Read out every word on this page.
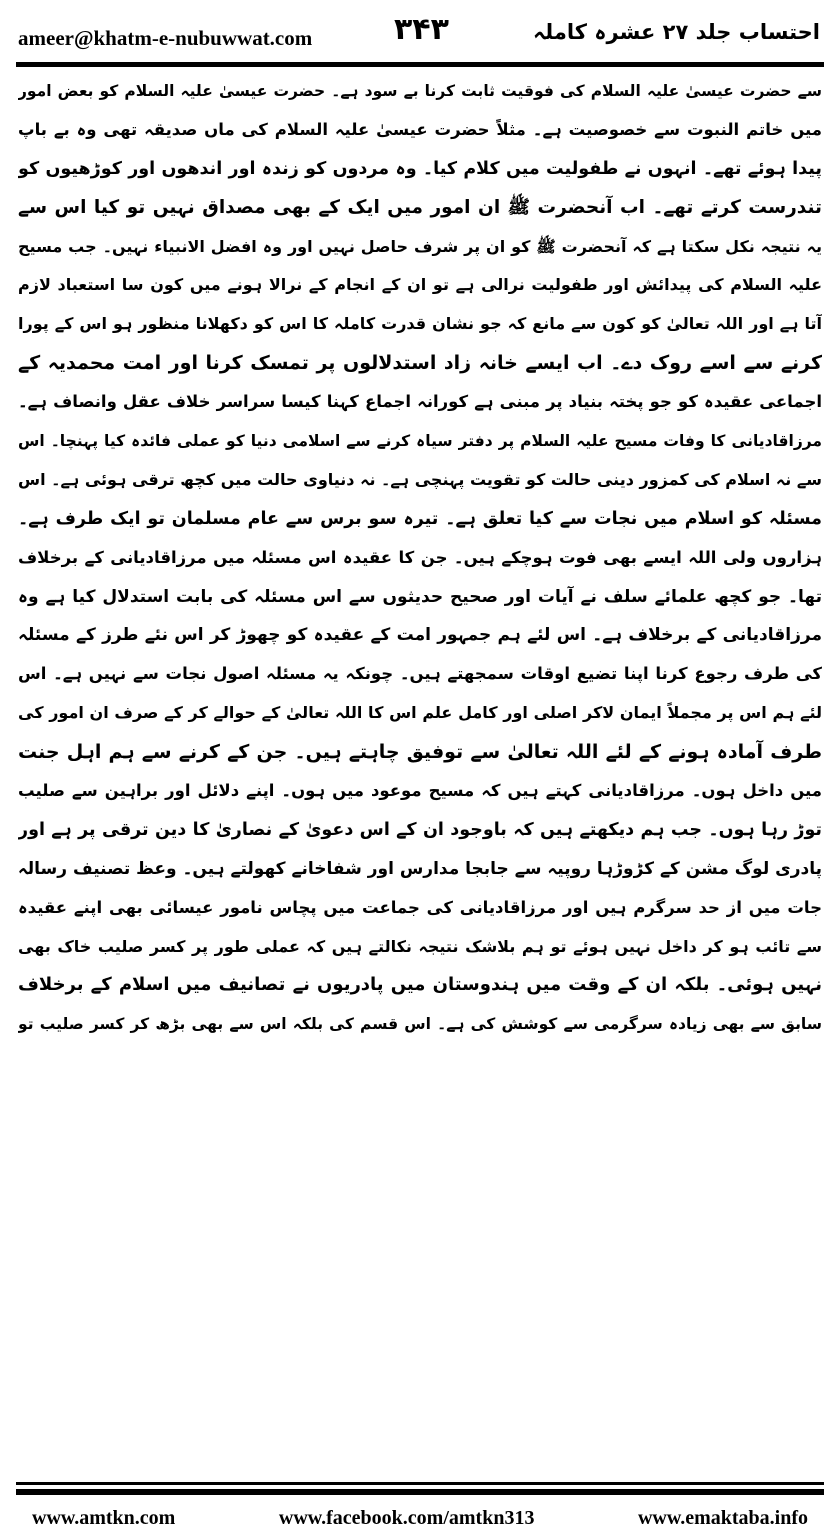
ameer@khatm-e-nubuwwat.com	۳۴۳	احتساب جلد ۲۷ عشرہ کاملہ
سے حضرت عیسیٰ علیہ السلام کی فوقیت ثابت کرنا بے سود ہے۔ حضرت عیسیٰ علیہ السلام کو بعض امور
میں خاتم النبوت سے خصوصیت ہے۔ مثلاً حضرت عیسیٰ علیہ السلام کی ماں صدیقہ تھی وہ بے باپ
پیدا ہوئے تھے۔ انہوں نے طفولیت میں کلام کیا۔ وہ مردوں کو زندہ اور اندھوں اور کوڑھیوں کو
تندرست کرتے تھے۔ اب آنحضرت ﷺ ان امور میں ایک کے بھی مصداق نہیں تو کیا اس سے
یہ نتیجہ نکل سکتا ہے کہ آنحضرت ﷺ کو ان پر شرف حاصل نہیں اور وہ افضل الانبیاء نہیں۔ جب مسیح
علیہ السلام کی پیدائش اور طفولیت نرالی ہے تو ان کے انجام کے نرالا ہونے میں کون سا استعباد لازم
آتا ہے اور اللہ تعالیٰ کو کون سے مانع کہ جو نشان قدرت کاملہ کا اس کو دکھلانا منظور ہو اس کے پورا
کرنے سے اسے روک دے۔ اب ایسے خانہ زاد استدلالوں پر تمسک کرنا اور امت محمدیہ کے
اجماعی عقیدہ کو جو پختہ بنیاد پر مبنی ہے کورانہ اجماع کہنا کیسا سراسر خلاف عقل وانصاف ہے۔
مرزاقادیانی کا وفات مسیح علیہ السلام پر دفتر سیاہ کرنے سے اسلامی دنیا کو عملی فائدہ کیا پہنچا۔ اس
سے نہ اسلام کی کمزور دینی حالت کو تقویت پہنچی ہے۔ نہ دنیاوی حالت میں کچھ ترقی ہوئی ہے۔ اس
مسئلہ کو اسلام میں نجات سے کیا تعلق ہے۔ تیرہ سو برس سے عام مسلمان تو ایک طرف ہے۔
ہزاروں ولی اللہ ایسے بھی فوت ہوچکے ہیں۔ جن کا عقیدہ اس مسئلہ میں مرزاقادیانی کے برخلاف
تھا۔ جو کچھ علمائے سلف نے آیات اور صحیح حدیثوں سے اس مسئلہ کی بابت استدلال کیا ہے وہ
مرزاقادیانی کے برخلاف ہے۔ اس لئے ہم جمہور امت کے عقیدہ کو چھوڑ کر اس نئے طرز کے مسئلہ
کی طرف رجوع کرنا اپنا تضیع اوقات سمجھتے ہیں۔ چونکہ یہ مسئلہ اصول نجات سے نہیں ہے۔ اس
لئے ہم اس پر مجملاً ایمان لاکر اصلی اور کامل علم اس کا اللہ تعالیٰ کے حوالے کر کے صرف ان امور کی
طرف آمادہ ہونے کے لئے اللہ تعالیٰ سے توفیق چاہتے ہیں۔ جن کے کرنے سے ہم اہل جنت
میں داخل ہوں۔ مرزاقادیانی کہتے ہیں کہ مسیح موعود میں ہوں۔ اپنے دلائل اور براہین سے صلیب
توڑ رہا ہوں۔ جب ہم دیکھتے ہیں کہ باوجود ان کے اس دعویٰ کے نصاریٰ کا دین ترقی پر ہے اور
پادری لوگ مشن کے کڑوڑہا روپیہ سے جابجا مدارس اور شفاخانے کھولتے ہیں۔ وعظ تصنیف رسالہ
جات میں از حد سرگرم ہیں اور مرزاقادیانی کی جماعت میں پچاس نامور عیسائی بھی اپنے عقیدہ
سے تائب ہو کر داخل نہیں ہوئے تو ہم بلاشک نتیجہ نکالتے ہیں کہ عملی طور پر کسر صلیب خاک بھی
نہیں ہوئی۔ بلکہ ان کے وقت میں ہندوستان میں پادریوں نے تصانیف میں اسلام کے برخلاف
سابق سے بھی زیادہ سرگرمی سے کوشش کی ہے۔ اس قسم کی بلکہ اس سے بھی بڑھ کر کسر صلیب تو
www.amtkn.com	www.facebook.com/amtkn313	www.emaktaba.info
